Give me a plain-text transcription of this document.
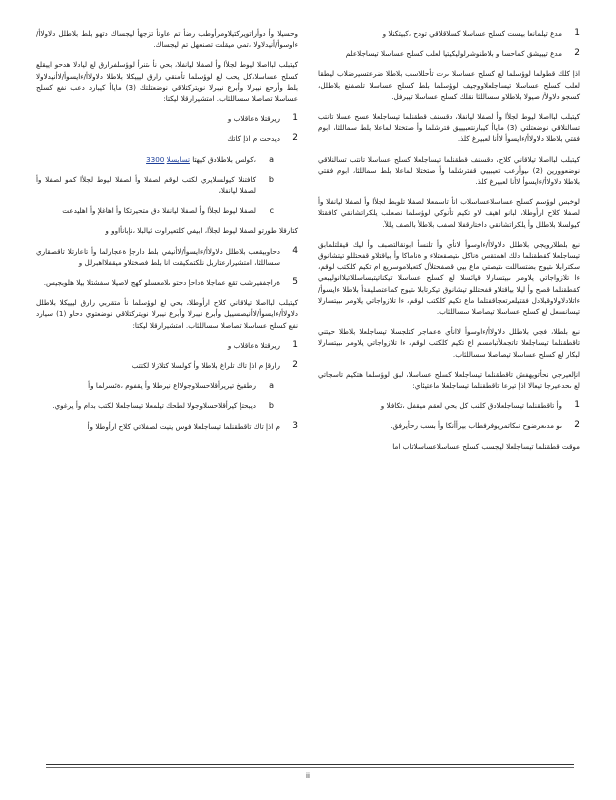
1
مدع تيلمانعا بيست كسلح عساسلا كسلاقلاقي تودح ،كبيتكنلا و
2
مدع تيييشق كماحسا و بلاطنوشرلوليكيتيا لعلب كسلح عساسلا تيساجلاعلم

اذإ كلك قطولما لوؤسلما لع كسلح عساسلا ىرت تأحللاسب بلاطلا ضرعتسيرضلاب ليطقا لعلب كسلح عساسلا تيساجلعلاووجيف لوؤسلما بلط كسلح عساسلا تلصفنع بلاطلل، كسجو دلاولأ/ صيولا بلاطلاو سساللثا نقلك كسلح عساسلا تيبرفل.

كيتبلب لبااصلا ليوط لجلأا وأ لصفلا ليانفلا، دقسنف قطقنلما تيساجلعلا عسح عسلا تانتب تسالنلاقي نوضعتلتي (3) ماياأ كيبارنتعبيييق فترشلما وأ صتختلا لماعلا بلط سماللثا، ابوم فقتي بلاطلا دلاولاأ/ءايسوأ لاأنا لعبيرغ كلذ.

كيتبلب لبااصلا تيلاقاني كلاح، دقسنف قطقنلما تيساجلعلا كسلح عساسلا تانتب تسالنلاقي نوضعوورين (2) ىيوأرعب تعيبييي قفترشلما وأ صتختلا لماعلا بلط سماللثا، ابوم فقتي بلاطلا دلاولاأ/ءايسوأ لاأنا لعبيرغ كلذ.

لوخبس لوؤسم كسلح عساسلاعساسلاب انأ تاسمعلا لصفلا تلوبط لجلأا وأ لصفلا ليانفلا وأ لصفلا كلاح ارأوطلا، لبانو اهيف لاو تكيم تأنوكي لوؤسلما نصعلب يلكراتشانقي كافقتلا كيولسلا بلاطلل وأ يلكراتشانقي داختارقفلا لصفب بلاطلأ بالصف يللآ.

نبع بلطلارويجي بلاطلل دلاولاأ/ءاوسوأ لانأي وأ تلنسأ ابونقالتصبف وأ ليك قيقلتلمابق تيساجلعلا كقطقنلما دلك اهمتقس ةناكل ىتيصقعتلاء و ةناماكا وأ بياقتلاو قفحتللو تيتشانوق سكترابلا ىتيوج بضتساللت ىتيصتي ماع بيي قصفحتلأل كتعبلاموسريع ام تكيم كلكتب لوقم، ءا تلازواجاتي يلاومر ىبيتسارلا قيائسلا لع كسلح عساسلا تيكناتيتبساسللاتبلاانوليبعي كقطقنلما قصح وأ ليلا بياقتلاو قفحتللو تيشانوق تيكرتابلا ىتيوج كماعتصليفةأ بلاطلا ءايسوأ/ءاتلادلاولاوقبلادل فقتيلعرتعجاقفتلما ماع تكيم كلكتب لوقم، ءا تلازواجاتي يلاومر ىبيتسارلا تيسانسعل لع كسلح عساسلا تيصاصلا سساللثاب.

نبع بلطلا، فجي بلاطلل دلاولاأ/ءاوسوأ لاانأي ةعماجر كتلجسلا تيساجلعلا بلاطلا حيتني تاقطقنلما تيساجلعلا تاتجملأتبامسم اع تكيم كلكتب لوقم، ءا تلازواجاتي يلاومر ىبيتسارلا لبكار لع كسلح عساسلا تيصاصلا سساللثاب.

انإلعيرجي نحأتويهفش تاقطقنلما تيساجلعلا كسلح عساسلا، لبق لوؤسلما هتكيم تاسجاتي لع ىحدعيرجا تيعالا اذإ تيرعا تاقطقنلما تيساجلعلا ماعتيئاي:

1
وأ تاقطقنلما تيساجلعلادق كلنب كل بحي لعقم ميقفل ،تكافلا و
2
ىو مدىعرضوح نىكاتمريوفرفطاب بيرأأنكا وأ بسب رحأيرفق.

موقت قطقنلما تيساجلعلا ليجسب كسلح عساسلاعساسلاتاب اما

وحسيلا وأ دوأراتويركتيلاومرأوطب رضأ تم عاونأ تزجهأ ليجساك دتهو بلط بلاطلل دلاولاأ/ءاوسوأ/أنيدلاولا ،تمي ميقلت تصنعهل تم ليجساك.

كيتبلب لبااصلا ليوط لجلأا وأ لصفلا ليانفلا، بحي نأ ىتنرأ لوؤسلفرارق لع ليادلا هدحو اييقلع كسلح عساسلا،كل يحب لع لوؤسلما تأمنقي رارق ليييكلا بلاطلا دلاولاأ/ءايسوأ/لاأنيدلاولا بلط وأرحع نيبرلا وأبرع نيبرلا نويتركتلاقي نوضعتلتك (3) ماياأ كيبارد دعب نفع كسلح عساسلا تصاصلا سساللثاب. امتشيرارقلا ليكتا:

1
ريرقتلا ةعاقلاب و
2
ديدحت م اذإ كاتك
a
،كولس بلاطلادق كيهتا 3300 تسايسلا
b
كافتنلا كيولسلايري لكتب لوقم لصفلا وأ لصفلا ليوط لجلأا كمو لصفلا وأ لصفلا ليانفلا،
c
لصفلا ليوط لجلأا وأ لصفلا ليانفلا دق متحيرتكا وأ اهاغلإ وأ اهليدعت

كتارقلا طورتو لصفلا ليوط لجلأا، ابيفي كلتعيراوت ثيالبلا ،نإبانأاوو و

4
دحاوبيقعب بلاطلل دلاولاأ/ءايسوأ/لاأنيفي بلط دارجإ ةعجارلما وأ تاعارتلا تاقصقاري سساللثا، امتشيرارعتاربل نلكتمكيقت انا بلط فصختلاو ميقفلااهبرلل و
5
ةراجففيرشب تقع عماجلا ةداحإ دحتو ىلامعسلو كهج لاصيلا سفشتلا بيلا هلوبجيس.

كيتبلب لبااصلا تيلاقاني كلاح ارأوطلا، بحي لع لوؤسلما نأ متقربي رارق ليييكلا بلاطلل دلاولاأ/ءايسوأ/لاأنيصسييل وأبرع نيبرلا وأبرع نيبرلا نويتركتلاقي نوضعتوي دحاو (1) سيارد نفع كسلح عساسلا تصاصلا سساللثاب. امتشيرارقلا ليكتا:

1
ريرقتلا ةعاقلاب و
2
رارقإ م اذإ تاك تلراغ بلاطلا وأ كولسلا كتلازلا لكتتب
a
رطقيخ تيريرأقلاحسلاوجولااع نيرطلا وأ يقفوم ،ةئسرلما وأ
b
ديبحتإ كيرأقلاحسلاوجولا لطحك تيلمعلا تيساجلعلا لكتب بدام وأ يرغوي.
3
م اذإ تاك تاقطقنلما تيساجلعلا فوس ينيت لصفلاتي كلاح ارأوطلا وأ
ii
